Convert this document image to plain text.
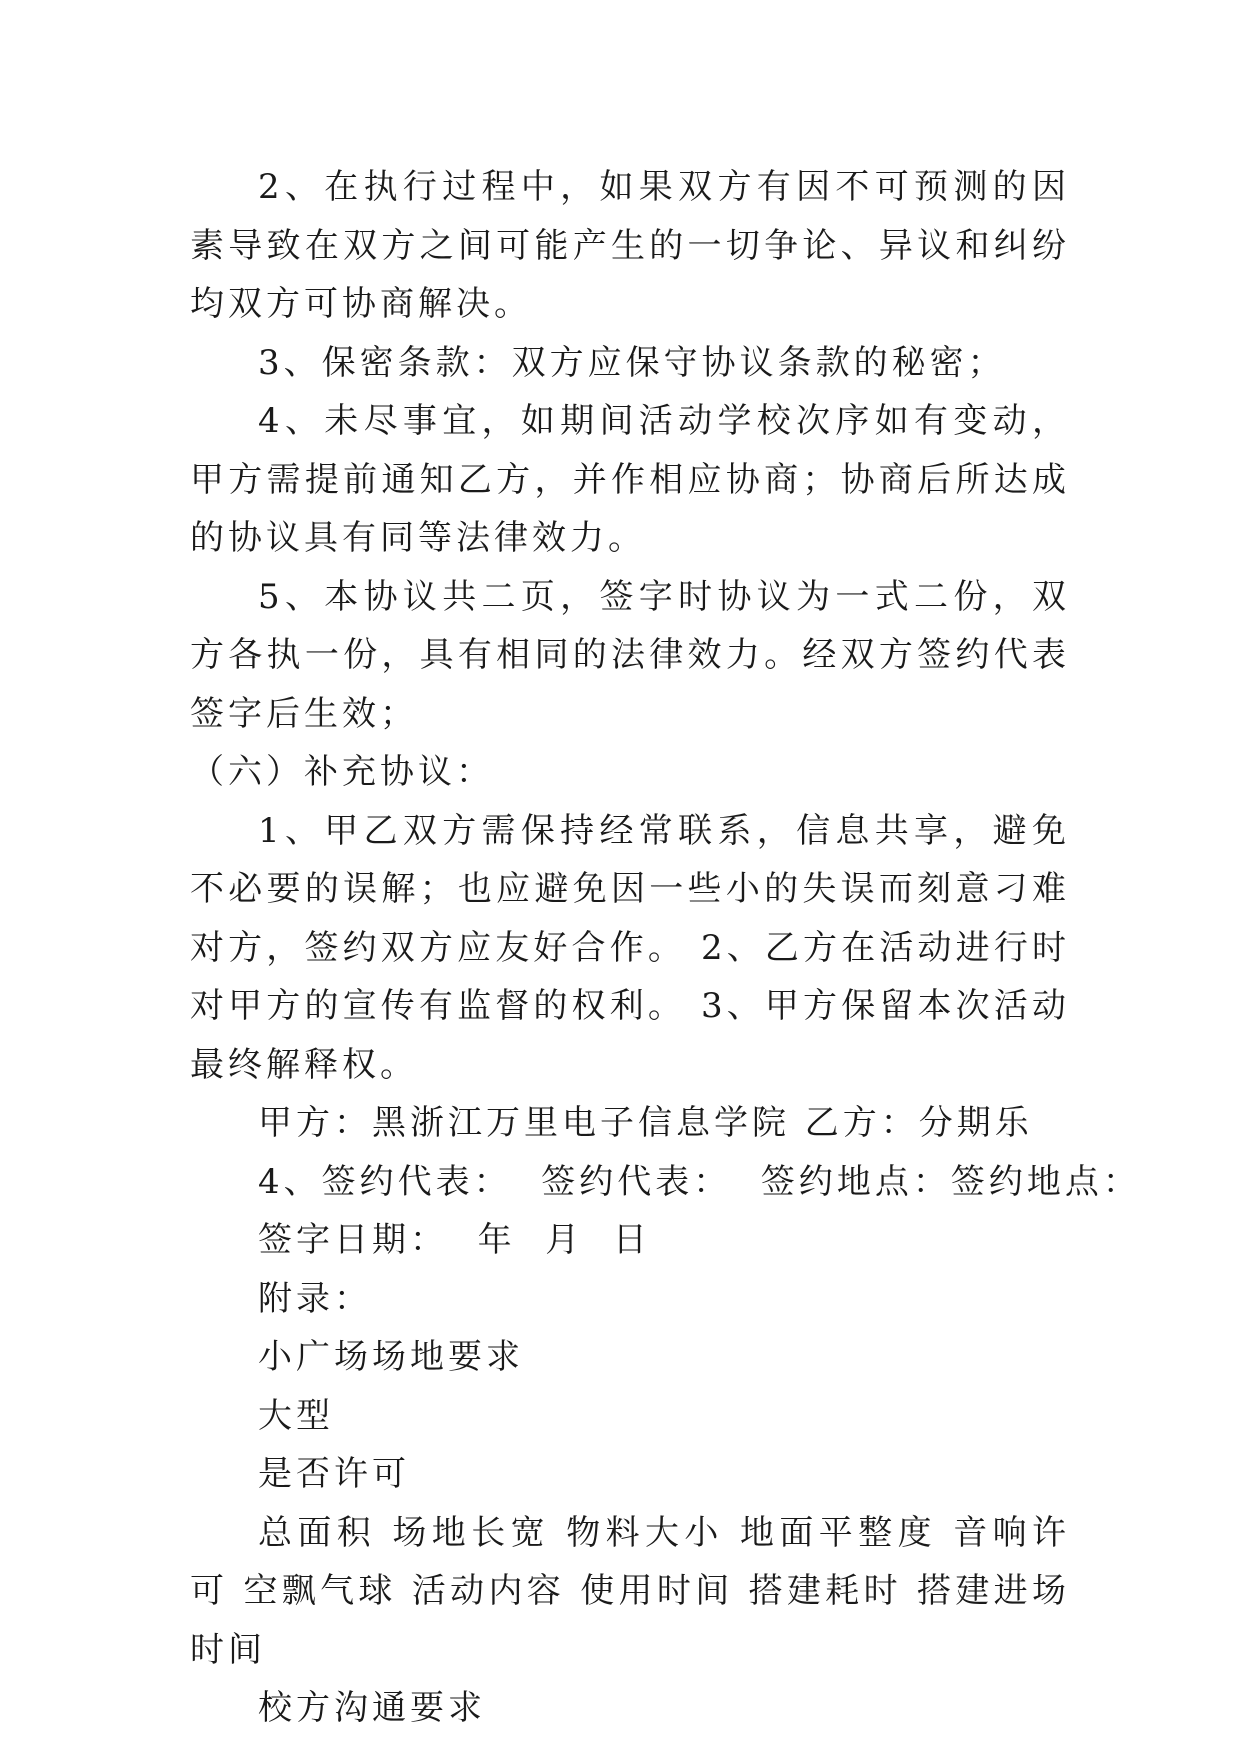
2、在执行过程中，如果双方有因不可预测的因素导致在双方之间可能产生的一切争论、异议和纠纷均双方可协商解决。

3、保密条款：双方应保守协议条款的秘密；

4、未尽事宜，如期间活动学校次序如有变动，甲方需提前通知乙方，并作相应协商；协商后所达成的协议具有同等法律效力。

5、本协议共二页，签字时协议为一式二份，双方各执一份，具有相同的法律效力。经双方签约代表签字后生效；

（六）补充协议：

1、甲乙双方需保持经常联系，信息共享，避免不必要的误解；也应避免因一些小的失误而刻意刁难对方，签约双方应友好合作。 2、乙方在活动进行时对甲方的宣传有监督的权利。 3、甲方保留本次活动最终解释权。

甲方：黑浙江万里电子信息学院 乙方：分期乐

4、签约代表：  签约代表：  签约地点：签约地点：

签字日期：  年  月  日

附录：

小广场场地要求

大型

是否许可

总面积 场地长宽 物料大小 地面平整度 音响许可 空飘气球 活动内容 使用时间 搭建耗时 搭建进场时间

校方沟通要求
